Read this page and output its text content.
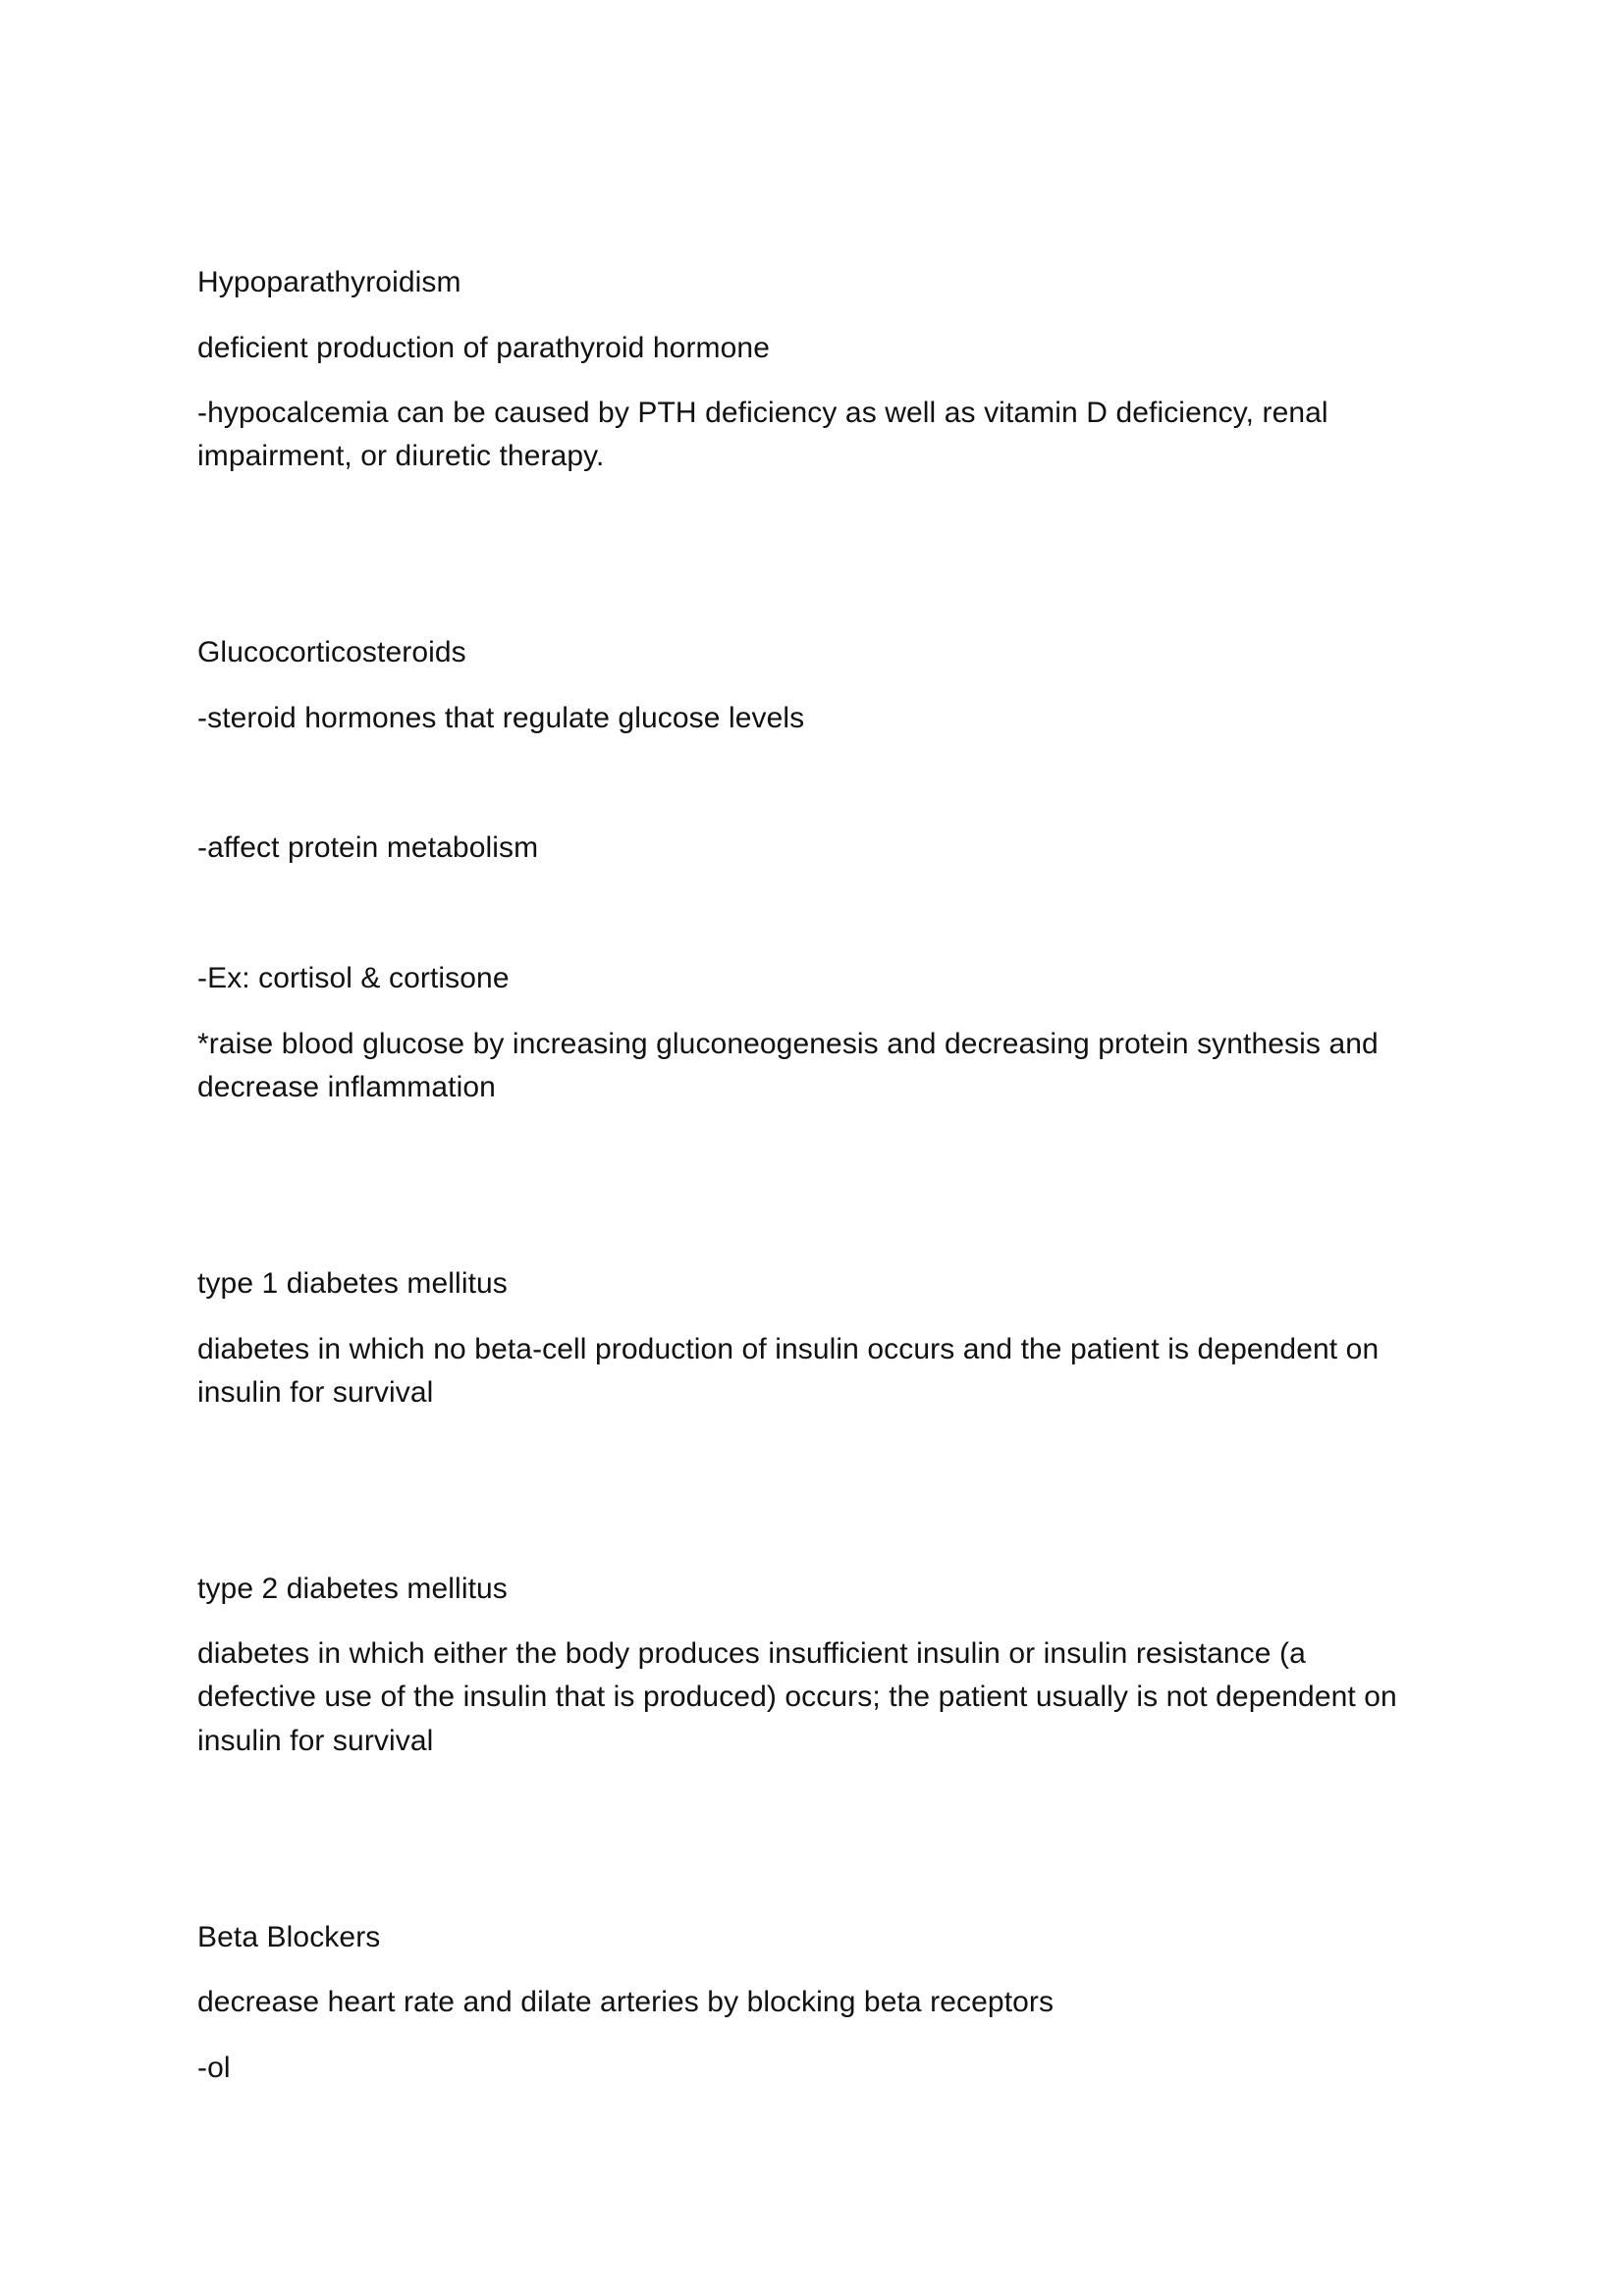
Hypoparathyroidism

deficient production of parathyroid hormone

-hypocalcemia can be caused by PTH deficiency as well as vitamin D deficiency, renal

impairment, or diuretic therapy.

Glucocorticosteroids

-steroid hormones that regulate glucose levels

-affect protein metabolism

-Ex: cortisol & cortisone

*raise blood glucose by increasing gluconeogenesis and decreasing protein synthesis and

decrease inflammation

type 1 diabetes mellitus

diabetes in which no beta-cell production of insulin occurs and the patient is dependent on

insulin for survival

type 2 diabetes mellitus

diabetes in which either the body produces insufficient insulin or insulin resistance (a

defective use of the insulin that is produced) occurs; the patient usually is not dependent on

insulin for survival

Beta Blockers

decrease heart rate and dilate arteries by blocking beta receptors

-ol
